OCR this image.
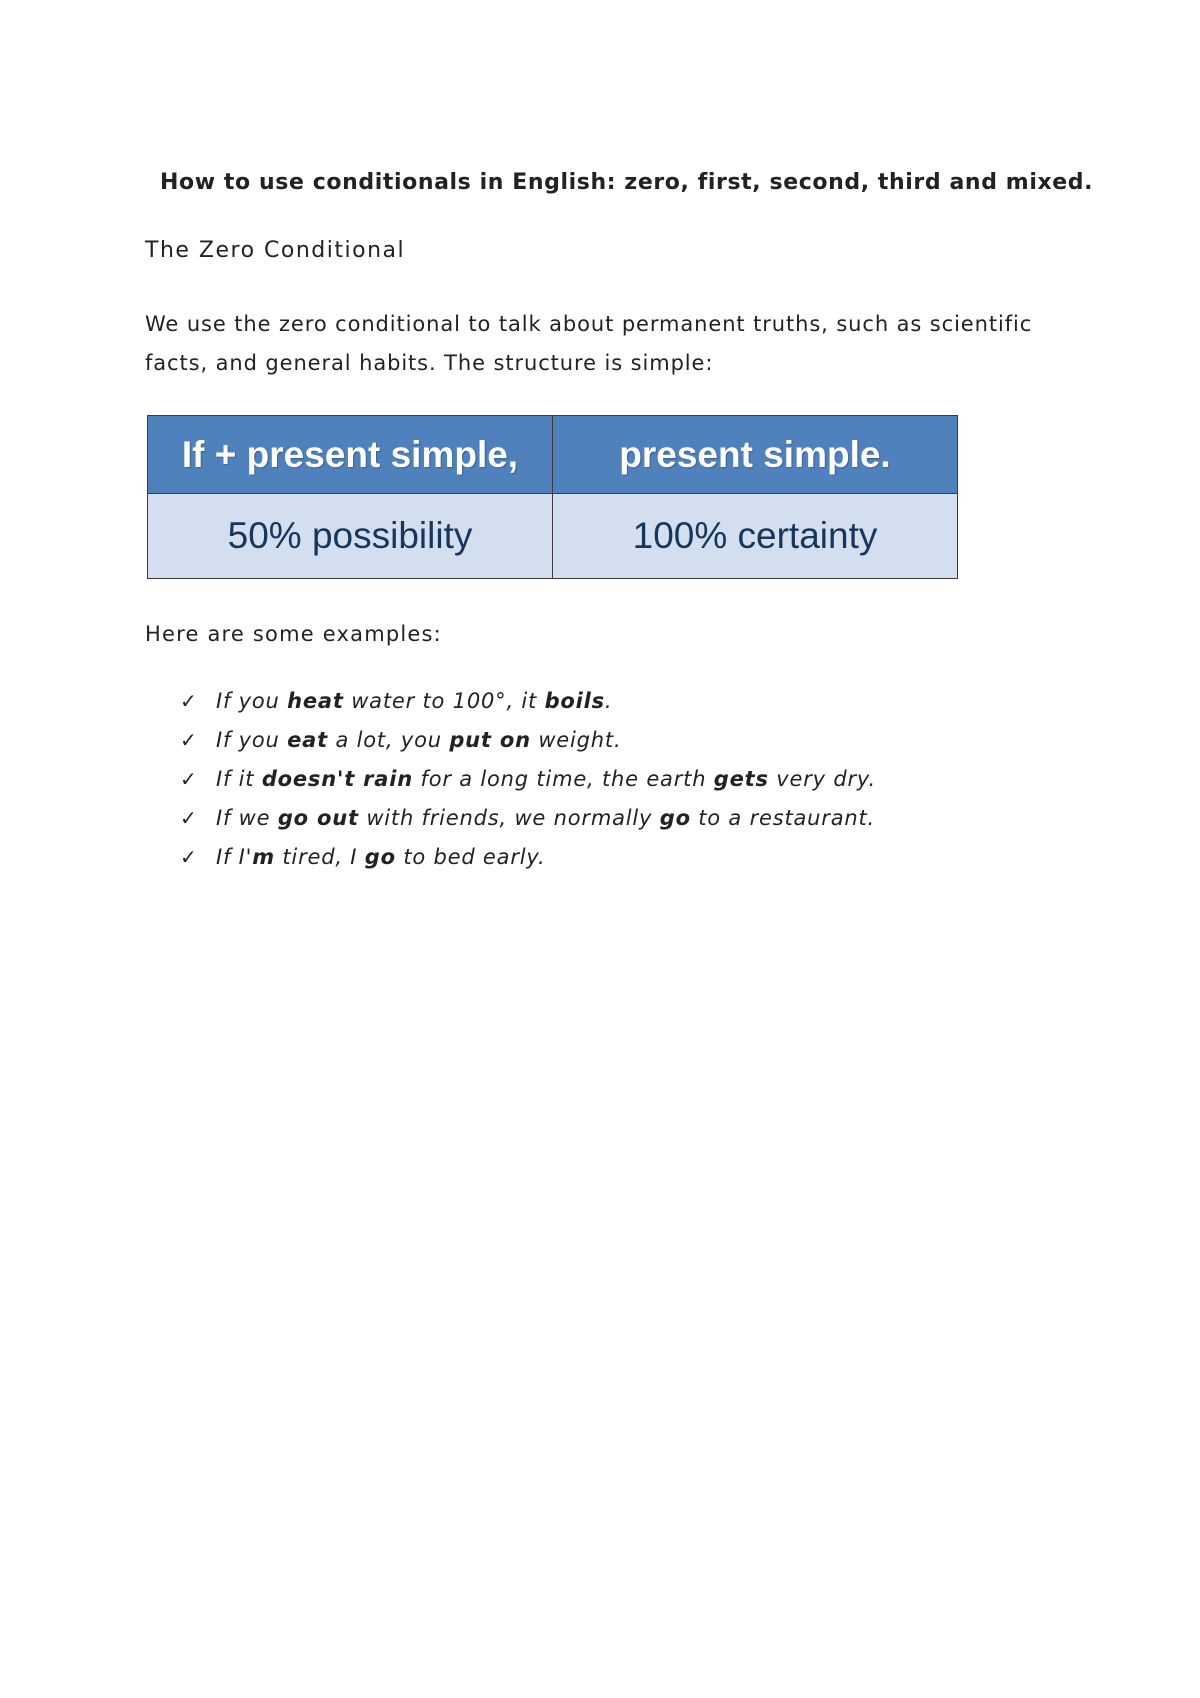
How to use conditionals in English: zero, first, second, third and mixed.
The Zero Conditional
We use the zero conditional to talk about permanent truths, such as scientific facts, and general habits. The structure is simple:
If + present simple,	present simple.
50% possibility	100% certainty
Here are some examples:
✓ If you heat water to 100°, it boils.
✓ If you eat a lot, you put on weight.
✓ If it doesn't rain for a long time, the earth gets very dry.
✓ If we go out with friends, we normally go to a restaurant.
✓ If I'm tired, I go to bed early.
